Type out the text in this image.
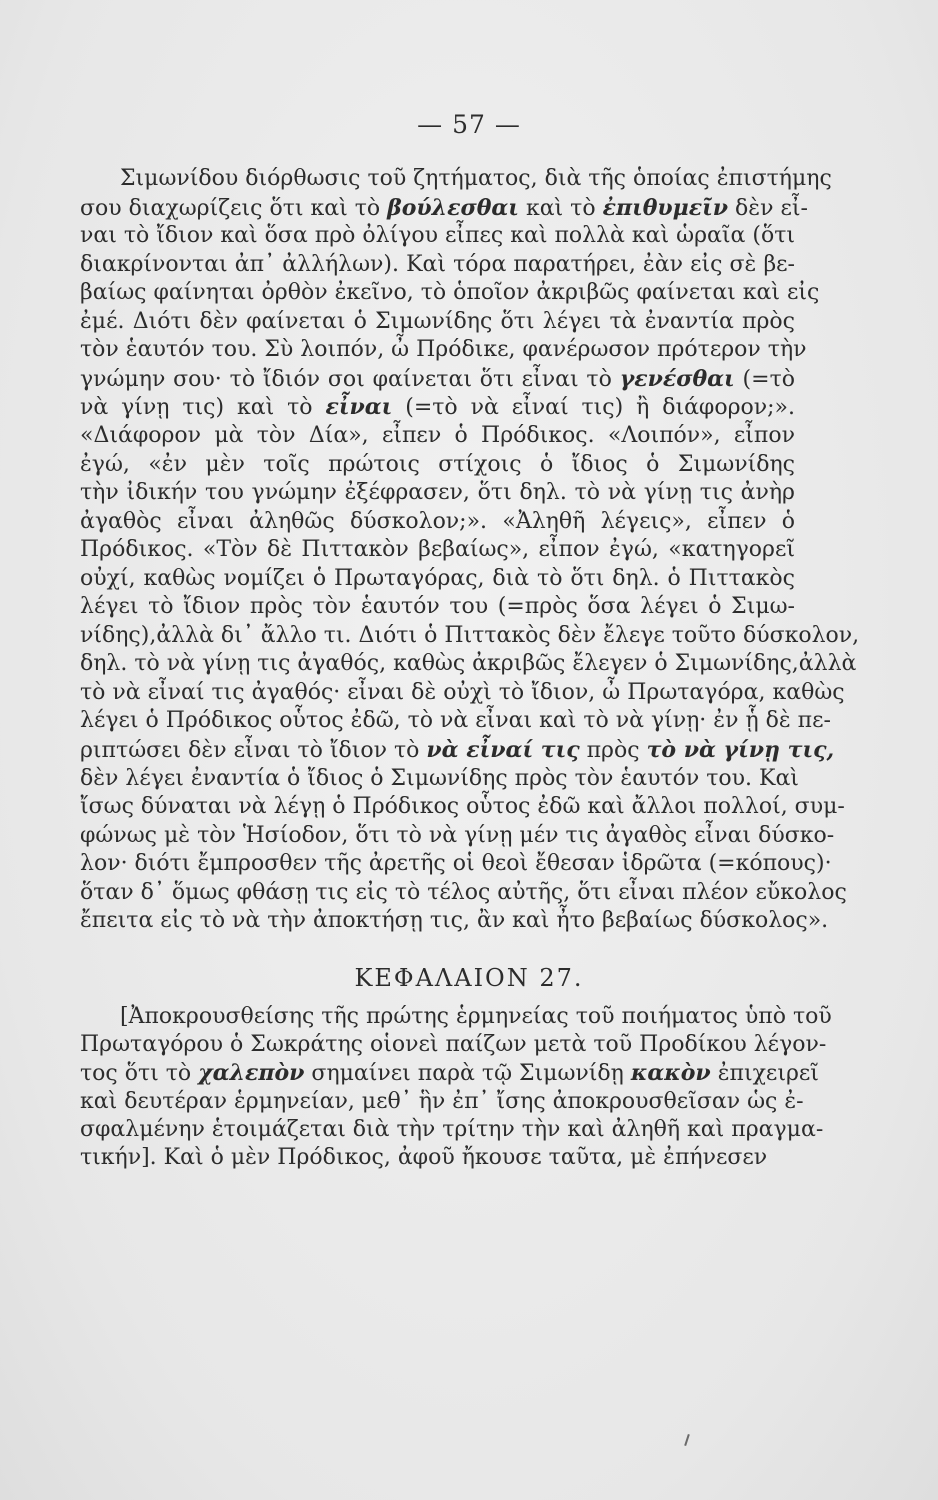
— 57 —
Σιμωνίδου διόρθωσις τοῦ ζητήματος, διὰ τῆς ὁποίας ἐπιστήμης
σου διαχωρίζεις ὅτι καὶ τὸ βούλεσθαι καὶ τὸ ἐπιθυμεῖν δὲν εἶ-
ναι τὸ ἴδιον καὶ ὅσα πρὸ ὀλίγου εἶπες καὶ πολλὰ καὶ ὡραῖα (ὅτι
διακρίνονται ἀπ᾿ ἀλλήλων). Καὶ τόρα παρατήρει, ἐὰν εἰς σὲ βε-
βαίως φαίνηται ὀρθὸν ἐκεῖνο, τὸ ὁποῖον ἀκριβῶς φαίνεται καὶ εἰς
ἐμέ. Διότι δὲν φαίνεται ὁ Σιμωνίδης ὅτι λέγει τὰ ἐναντία πρὸς
τὸν ἑαυτόν του. Σὺ λοιπόν, ὦ Πρόδικε, φανέρωσον πρότερον τὴν
γνώμην σου· τὸ ἴδιόν σοι φαίνεται ὅτι εἶναι τὸ γενέσθαι (=τὸ
νὰ γίνῃ τις) καὶ τὸ εἶναι (=τὸ νὰ εἶναί τις) ἢ διάφορον;».
«Διάφορον μὰ τὸν Δία», εἶπεν ὁ Πρόδικος. «Λοιπόν», εἶπον
ἐγώ, «ἐν μὲν τοῖς πρώτοις στίχοις ὁ ἴδιος ὁ Σιμωνίδης
τὴν ἰδικήν του γνώμην ἐξέφρασεν, ὅτι δηλ. τὸ νὰ γίνῃ τις ἀνὴρ
ἀγαθὸς εἶναι ἀληθῶς δύσκολον;». «Ἀληθῆ λέγεις», εἶπεν ὁ
Πρόδικος. «Τὸν δὲ Πιττακὸν βεβαίως», εἶπον ἐγώ, «κατηγορεῖ
οὐχί, καθὼς νομίζει ὁ Πρωταγόρας, διὰ τὸ ὅτι δηλ. ὁ Πιττακὸς
λέγει τὸ ἴδιον πρὸς τὸν ἑαυτόν του (=πρὸς ὅσα λέγει ὁ Σιμω-
νίδης),ἀλλὰ δι᾿ ἄλλο τι. Διότι ὁ Πιττακὸς δὲν ἔλεγε τοῦτο δύσκολον,
δηλ. τὸ νὰ γίνῃ τις ἀγαθός, καθὼς ἀκριβῶς ἔλεγεν ὁ Σιμωνίδης,ἀλλὰ
τὸ νὰ εἶναί τις ἀγαθός· εἶναι δὲ οὐχὶ τὸ ἴδιον, ὦ Πρωταγόρα, καθὼς
λέγει ὁ Πρόδικος οὗτος ἐδῶ, τὸ νὰ εἶναι καὶ τὸ νὰ γίνῃ· ἐν ᾗ δὲ πε-
ριπτώσει δὲν εἶναι τὸ ἴδιον τὸ νὰ εἶναί τις πρὸς τὸ νὰ γίνῃ τις,
δὲν λέγει ἐναντία ὁ ἴδιος ὁ Σιμωνίδης πρὸς τὸν ἑαυτόν του. Καὶ
ἴσως δύναται νὰ λέγῃ ὁ Πρόδικος οὗτος ἐδῶ καὶ ἄλλοι πολλοί, συμ-
φώνως μὲ τὸν Ἡσίοδον, ὅτι τὸ νὰ γίνῃ μέν τις ἀγαθὸς εἶναι δύσκο-
λον· διότι ἔμπροσθεν τῆς ἀρετῆς οἱ θεοὶ ἔθεσαν ἱδρῶτα (=κόπους)·
ὅταν δ᾿ ὅμως φθάσῃ τις εἰς τὸ τέλος αὐτῆς, ὅτι εἶναι πλέον εὔκολος
ἔπειτα εἰς τὸ νὰ τὴν ἀποκτήσῃ τις, ἂν καὶ ἦτο βεβαίως δύσκολος».
ΚΕΦΑΛΑΙΟΝ 27.
[Ἀποκρουσθείσης τῆς πρώτης ἑρμηνείας τοῦ ποιήματος ὑπὸ τοῦ
Πρωταγόρου ὁ Σωκράτης οἱονεὶ παίζων μετὰ τοῦ Προδίκου λέγον-
τος ὅτι τὸ χαλεπὸν σημαίνει παρὰ τῷ Σιμωνίδῃ κακὸν ἐπιχειρεῖ
καὶ δευτέραν ἑρμηνείαν, μεθ᾿ ἣν ἐπ᾿ ἴσης ἀποκρουσθεῖσαν ὡς ἐ-
σφαλμένην ἑτοιμάζεται διὰ τὴν τρίτην τὴν καὶ ἀληθῆ καὶ πραγμα-
τικήν]. Καὶ ὁ μὲν Πρόδικος, ἀφοῦ ἤκουσε ταῦτα, μὲ ἐπήνεσεν
